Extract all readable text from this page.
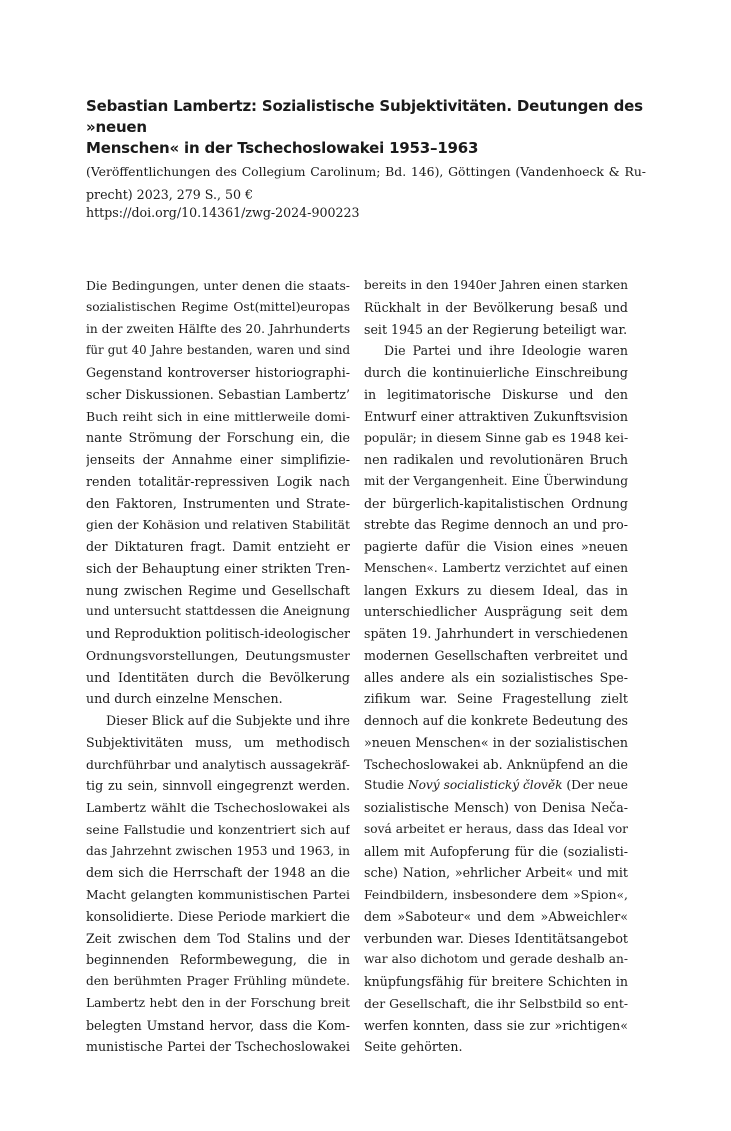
Sebastian Lambertz: Sozialistische Subjektivitäten. Deutungen des »neuen
Menschen« in der Tschechoslowakei 1953–1963
(Veröffentlichungen des Collegium Carolinum; Bd. 146), Göttingen (Vandenhoeck & Ru-
precht) 2023, 279 S., 50 €
https://doi.org/10.14361/zwg-2024-900223

Die Bedingungen, unter denen die staats-
sozialistischen Regime Ost(mittel)europas
in der zweiten Hälfte des 20. Jahrhunderts
für gut 40 Jahre bestanden, waren und sind
Gegenstand kontroverser historiographi-
scher Diskussionen. Sebastian Lambertz’
Buch reiht sich in eine mittlerweile domi-
nante Strömung der Forschung ein, die
jenseits der Annahme einer simplifizie-
renden totalitär-repressiven Logik nach
den Faktoren, Instrumenten und Strate-
gien der Kohäsion und relativen Stabilität
der Diktaturen fragt. Damit entzieht er
sich der Behauptung einer strikten Tren-
nung zwischen Regime und Gesellschaft
und untersucht stattdessen die Aneignung
und Reproduktion politisch-ideologischer
Ordnungsvorstellungen, Deutungsmuster
und Identitäten durch die Bevölkerung
und durch einzelne Menschen.

Dieser Blick auf die Subjekte und ihre
Subjektivitäten muss, um methodisch
durchführbar und analytisch aussagekräf-
tig zu sein, sinnvoll eingegrenzt werden.
Lambertz wählt die Tschechoslowakei als
seine Fallstudie und konzentriert sich auf
das Jahrzehnt zwischen 1953 und 1963, in
dem sich die Herrschaft der 1948 an die
Macht gelangten kommunistischen Partei
konsolidierte. Diese Periode markiert die
Zeit zwischen dem Tod Stalins und der
beginnenden Reformbewegung, die in
den berühmten Prager Frühling mündete.
Lambertz hebt den in der Forschung breit
belegten Umstand hervor, dass die Kom-
munistische Partei der Tschechoslowakei

bereits in den 1940er Jahren einen starken
Rückhalt in der Bevölkerung besaß und
seit 1945 an der Regierung beteiligt war.

Die Partei und ihre Ideologie waren
durch die kontinuierliche Einschreibung
in legitimatorische Diskurse und den
Entwurf einer attraktiven Zukunftsvision
populär; in diesem Sinne gab es 1948 kei-
nen radikalen und revolutionären Bruch
mit der Vergangenheit. Eine Überwindung
der bürgerlich-kapitalistischen Ordnung
strebte das Regime dennoch an und pro-
pagierte dafür die Vision eines »neuen
Menschen«. Lambertz verzichtet auf einen
langen Exkurs zu diesem Ideal, das in
unterschiedlicher Ausprägung seit dem
späten 19. Jahrhundert in verschiedenen
modernen Gesellschaften verbreitet und
alles andere als ein sozialistisches Spe-
zifikum war. Seine Fragestellung zielt
dennoch auf die konkrete Bedeutung des
»neuen Menschen« in der sozialistischen
Tschechoslowakei ab. Anknüpfend an die
Studie Nový socialistický člověk (Der neue
sozialistische Mensch) von Denisa Neča-
sová arbeitet er heraus, dass das Ideal vor
allem mit Aufopferung für die (sozialisti-
sche) Nation, »ehrlicher Arbeit« und mit
Feindbildern, insbesondere dem »Spion«,
dem »Saboteur« und dem »Abweichler«
verbunden war. Dieses Identitätsangebot
war also dichotom und gerade deshalb an-
knüpfungsfähig für breitere Schichten in
der Gesellschaft, die ihr Selbstbild so ent-
werfen konnten, dass sie zur »richtigen«
Seite gehörten.
